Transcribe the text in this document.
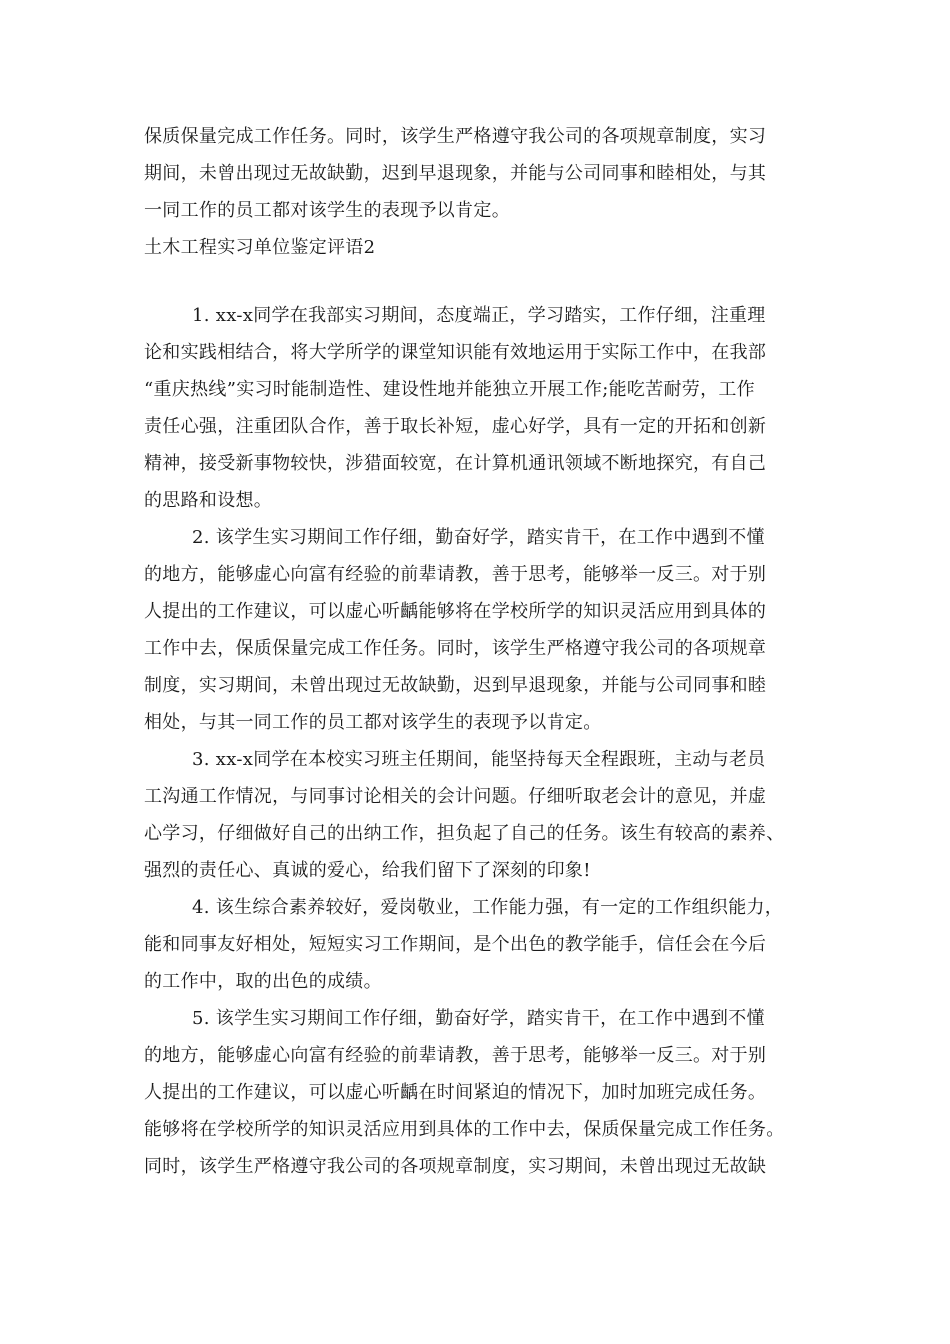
保质保量完成工作任务。同时，该学生严格遵守我公司的各项规章制度，实习
期间，未曾出现过无故缺勤，迟到早退现象，并能与公司同事和睦相处，与其
一同工作的员工都对该学生的表现予以肯定。
土木工程实习单位鉴定评语2
1. xx-x同学在我部实习期间，态度端正，学习踏实，工作仔细，注重理
论和实践相结合，将大学所学的课堂知识能有效地运用于实际工作中，在我部
“重庆热线”实习时能制造性、建设性地并能独立开展工作;能吃苦耐劳，工作
责任心强，注重团队合作，善于取长补短，虚心好学，具有一定的开拓和创新
精神，接受新事物较快，涉猎面较宽，在计算机通讯领域不断地探究，有自己
的思路和设想。
2. 该学生实习期间工作仔细，勤奋好学，踏实肯干，在工作中遇到不懂
的地方，能够虚心向富有经验的前辈请教，善于思考，能够举一反三。对于别
人提出的工作建议，可以虚心听齲能够将在学校所学的知识灵活应用到具体的
工作中去，保质保量完成工作任务。同时，该学生严格遵守我公司的各项规章
制度，实习期间，未曾出现过无故缺勤，迟到早退现象，并能与公司同事和睦
相处，与其一同工作的员工都对该学生的表现予以肯定。
3. xx-x同学在本校实习班主任期间，能坚持每天全程跟班，主动与老员
工沟通工作情况，与同事讨论相关的会计问题。仔细听取老会计的意见，并虚
心学习，仔细做好自己的出纳工作，担负起了自己的任务。该生有较高的素养、
强烈的责任心、真诚的爱心，给我们留下了深刻的印象!
4. 该生综合素养较好，爱岗敬业，工作能力强，有一定的工作组织能力，
能和同事友好相处，短短实习工作期间，是个出色的教学能手，信任会在今后
的工作中，取的出色的成绩。
5. 该学生实习期间工作仔细，勤奋好学，踏实肯干，在工作中遇到不懂
的地方，能够虚心向富有经验的前辈请教，善于思考，能够举一反三。对于别
人提出的工作建议，可以虚心听齲在时间紧迫的情况下，加时加班完成任务。
能够将在学校所学的知识灵活应用到具体的工作中去，保质保量完成工作任务。
同时，该学生严格遵守我公司的各项规章制度，实习期间，未曾出现过无故缺
